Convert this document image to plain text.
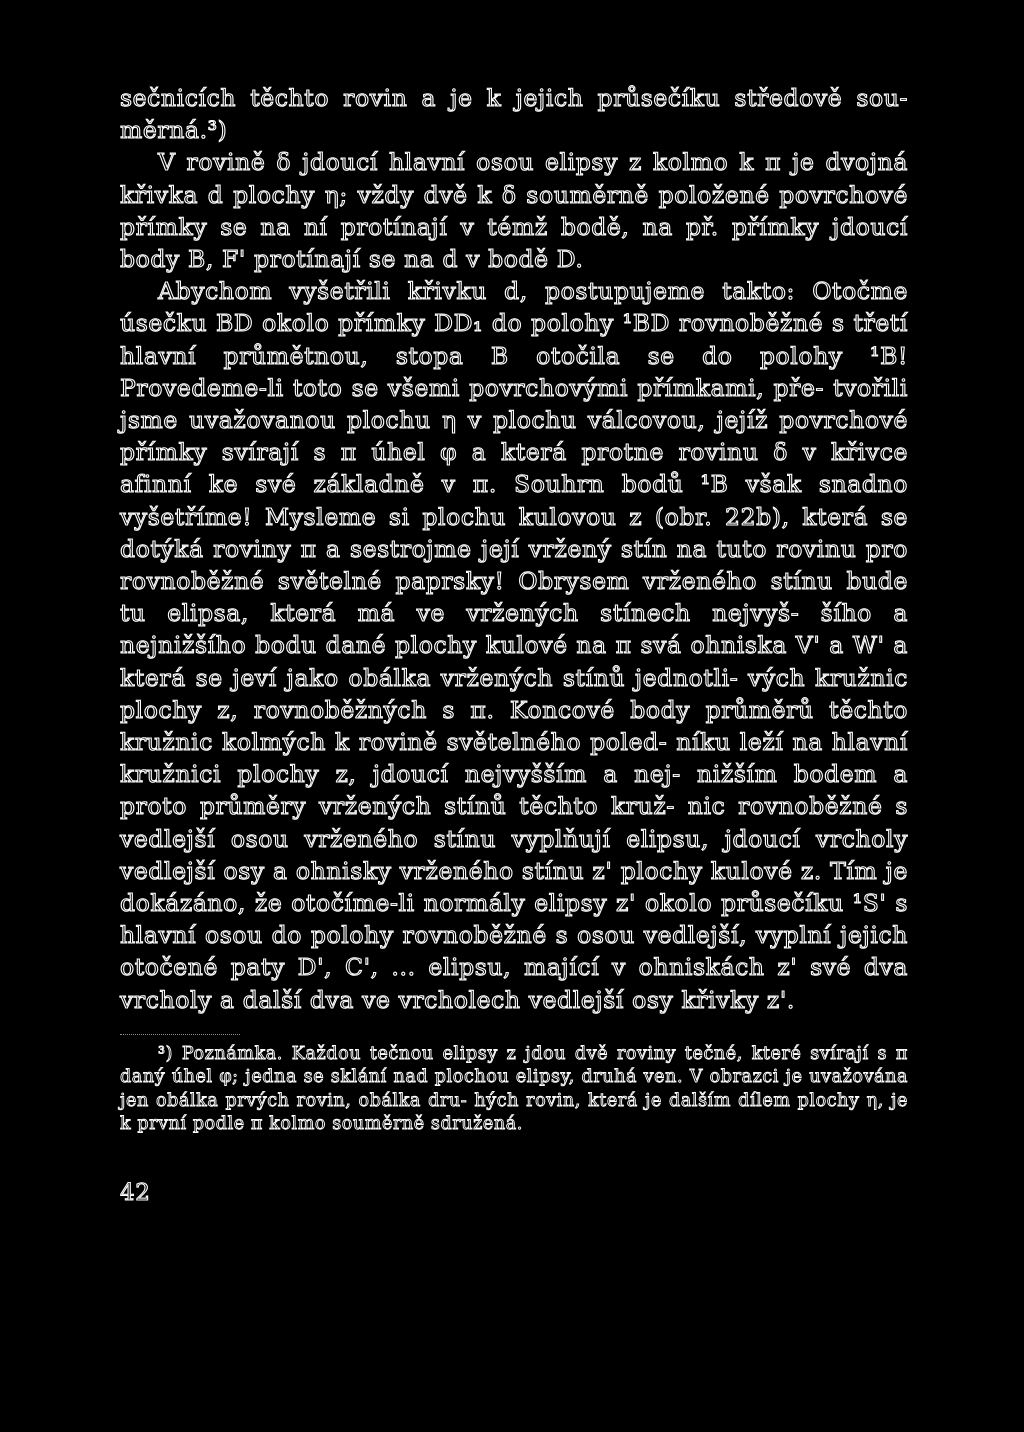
sečnicích těchto rovin a je k jejich průsečíku středově sou- měrná.³)

V rovině δ jdoucí hlavní osou elipsy z kolmo k π je dvojná křivka d plochy η; vždy dvě k δ souměrně položené povrchové přímky se na ní protínají v témž bodě, na př. přímky jdoucí body B, F' protínají se na d v bodě D.

Abychom vyšetřili křivku d, postupujeme takto: Otočme úsečku BD okolo přímky DD₁ do polohy ¹BD rovnoběžné s třetí hlavní průmětnou, stopa B otočila se do polohy ¹B! Provedeme-li toto se všemi povrchovými přímkami, pře- tvořili jsme uvažovanou plochu η v plochu válcovou, jejíž povrchové přímky svírají s π úhel φ a která protne rovinu δ v křivce afinní ke své základně v π. Souhrn bodů ¹B však snadno vyšetříme! Mysleme si plochu kulovou z (obr. 22b), která se dotýká roviny π a sestrojme její vržený stín na tuto rovinu pro rovnoběžné světelné paprsky! Obrysem vrženého stínu bude tu elipsa, která má ve vržených stínech nejvyš- šího a nejnižšího bodu dané plochy kulové na π svá ohniska V' a W' a která se jeví jako obálka vržených stínů jednotli- vých kružnic plochy z, rovnoběžných s π. Koncové body průměrů těchto kružnic kolmých k rovině světelného poled- níku leží na hlavní kružnici plochy z, jdoucí nejvyšším a nej- nižším bodem a proto průměry vržených stínů těchto kruž- nic rovnoběžné s vedlejší osou vrženého stínu vyplňují elipsu, jdoucí vrcholy vedlejší osy a ohnisky vrženého stínu z' plochy kulové z. Tím je dokázáno, že otočíme-li normály elipsy z' okolo průsečíku ¹S' s hlavní osou do polohy rovnoběžné s osou vedlejší, vyplní jejich otočené paty D', C', ... elipsu, mající v ohniskách z' své dva vrcholy a další dva ve vrcholech vedlejší osy křivky z'.

³) Poznámka. Každou tečnou elipsy z jdou dvě roviny tečné, které svírají s π daný úhel φ; jedna se sklání nad plochou elipsy, druhá ven. V obrazci je uvažována jen obálka prvých rovin, obálka dru- hých rovin, která je dalším dílem plochy η, je k první podle π kolmo souměrně sdružená.

42
